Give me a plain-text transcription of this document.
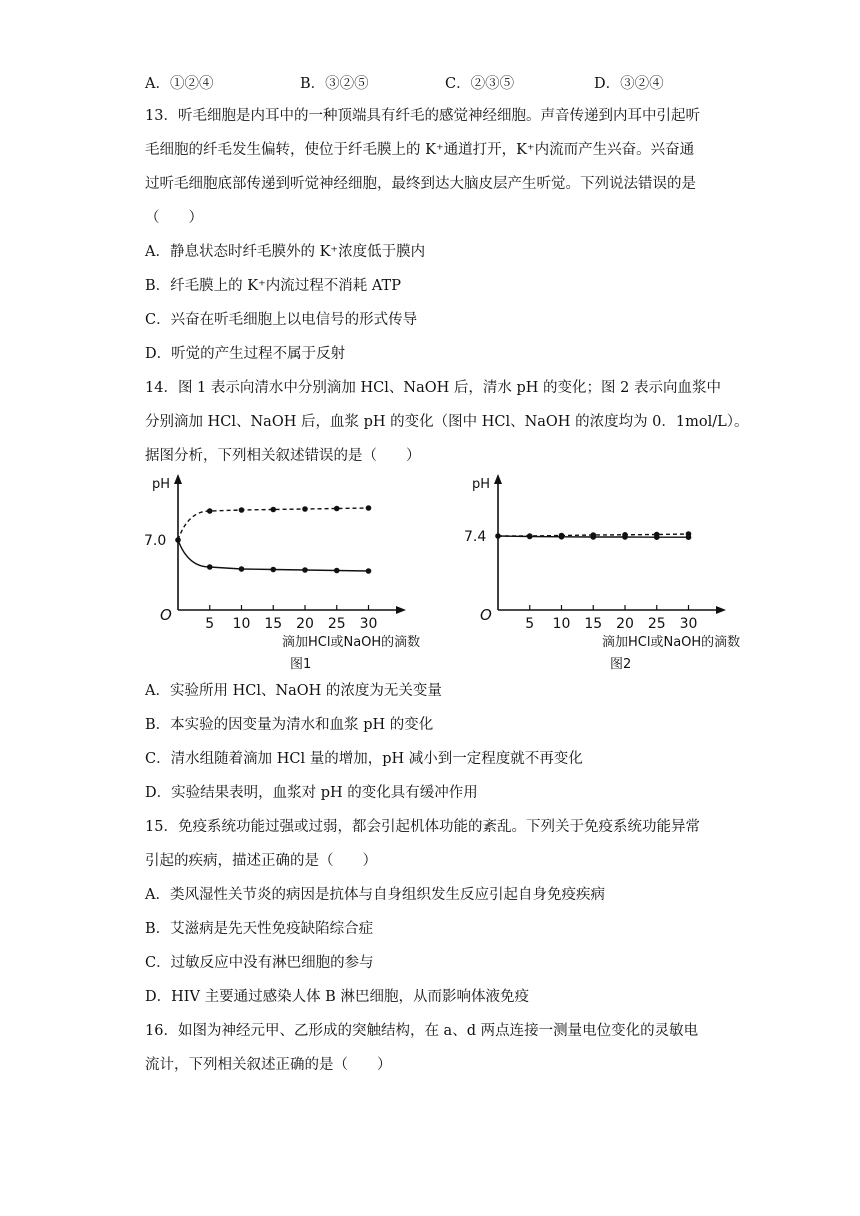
A．①②④	B．③②⑤	C．②③⑤	D．③②④
13．听毛细胞是内耳中的一种顶端具有纤毛的感觉神经细胞。声音传递到内耳中引起听
毛细胞的纤毛发生偏转，使位于纤毛膜上的 K⁺通道打开，K⁺内流而产生兴奋。兴奋通
过听毛细胞底部传递到听觉神经细胞，最终到达大脑皮层产生听觉。下列说法错误的是
（　　）
A．静息状态时纤毛膜外的 K⁺浓度低于膜内
B．纤毛膜上的 K⁺内流过程不消耗 ATP
C．兴奋在听毛细胞上以电信号的形式传导
D．听觉的产生过程不属于反射
14．图 1 表示向清水中分别滴加 HCl、NaOH 后，清水 pH 的变化；图 2 表示向血浆中
分别滴加 HCl、NaOH 后，血浆 pH 的变化（图中 HCl、NaOH 的浓度均为 0．1mol/L）。
据图分析，下列相关叙述错误的是（　　）
pH
O
7.0
5 10 15 20 25 30
滴加HCl或NaOH的滴数
图1
pH
O
7.4
5 10 15 20 25 30
滴加HCl或NaOH的滴数
图2
A．实验所用 HCl、NaOH 的浓度为无关变量
B．本实验的因变量为清水和血浆 pH 的变化
C．清水组随着滴加 HCl 量的增加，pH 减小到一定程度就不再变化
D．实验结果表明，血浆对 pH 的变化具有缓冲作用
15．免疫系统功能过强或过弱，都会引起机体功能的紊乱。下列关于免疫系统功能异常
引起的疾病，描述正确的是（　　）
A．类风湿性关节炎的病因是抗体与自身组织发生反应引起自身免疫疾病
B．艾滋病是先天性免疫缺陷综合症
C．过敏反应中没有淋巴细胞的参与
D．HIV 主要通过感染人体 B 淋巴细胞，从而影响体液免疫
16．如图为神经元甲、乙形成的突触结构，在 a、d 两点连接一测量电位变化的灵敏电
流计，下列相关叙述正确的是（　　）
